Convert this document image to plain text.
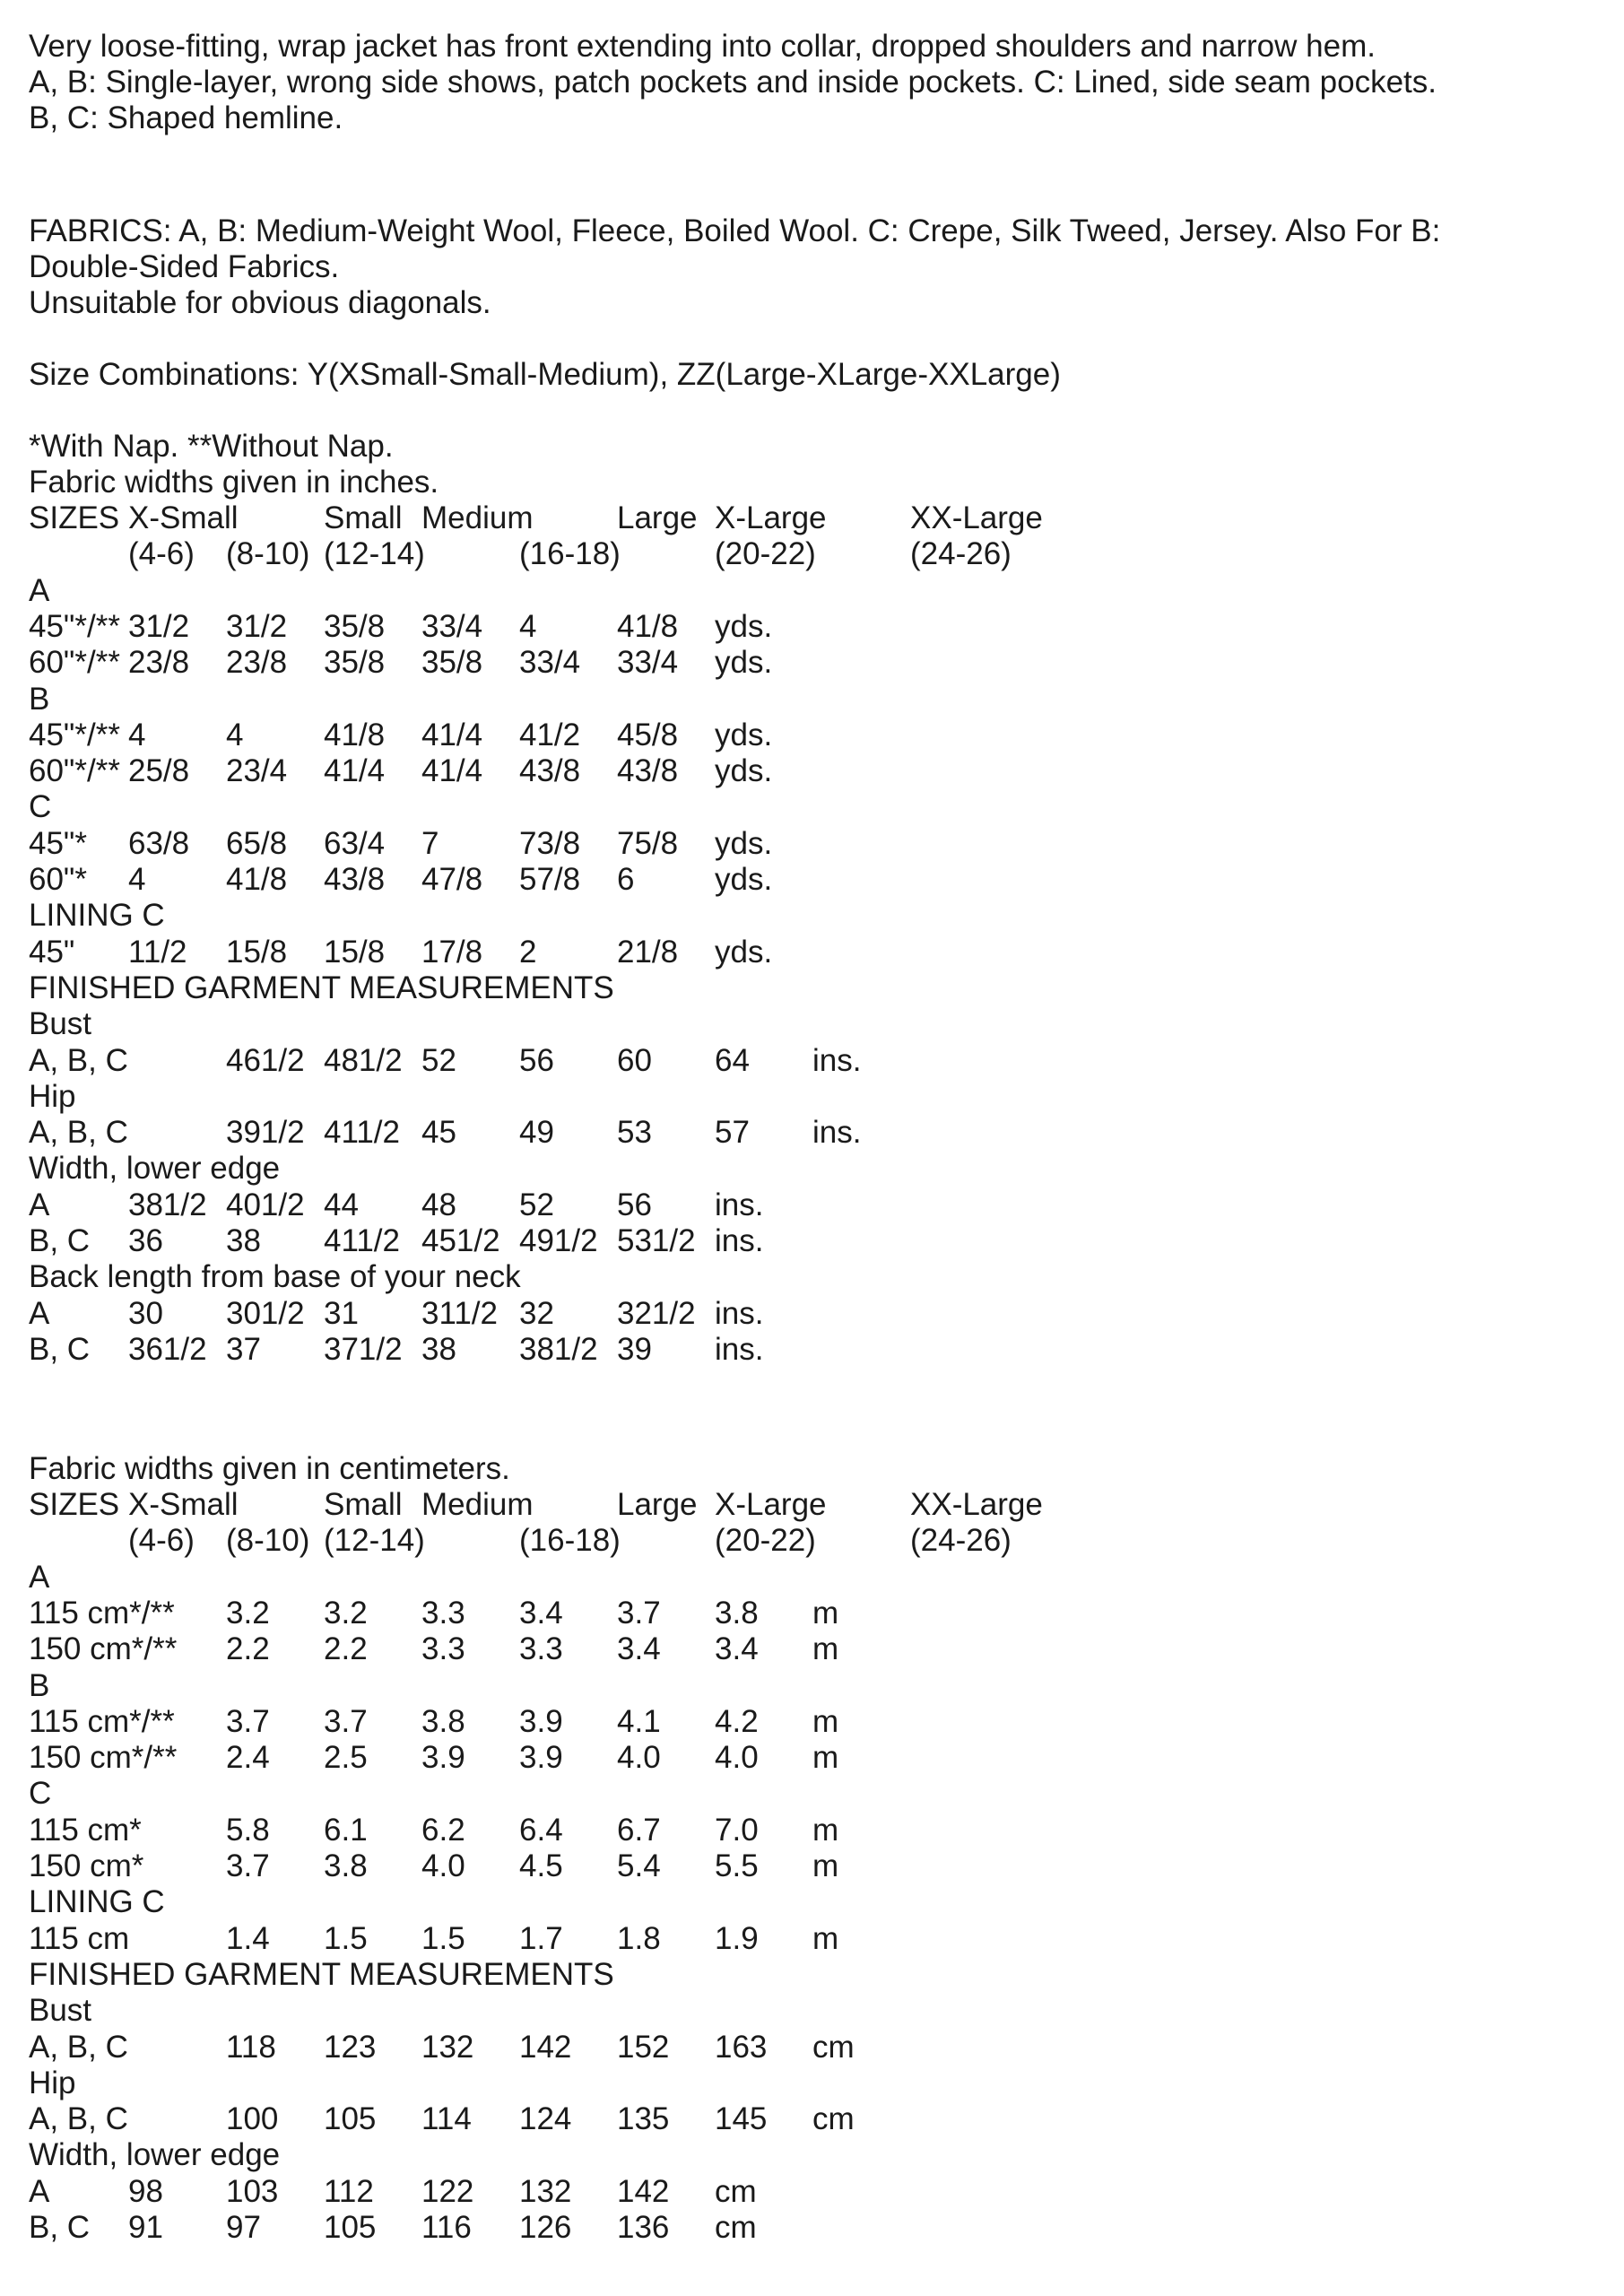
Very loose-fitting, wrap jacket has front extending into collar, dropped shoulders and narrow hem.
A, B: Single-layer, wrong side shows, patch pockets and inside pockets. C: Lined, side seam pockets.
B, C: Shaped hemline.
FABRICS: A, B: Medium-Weight Wool, Fleece, Boiled Wool. C: Crepe, Silk Tweed, Jersey. Also For B:
Double-Sided Fabrics.
Unsuitable for obvious diagonals.
Size Combinations: Y(XSmall-Small-Medium), ZZ(Large-XLarge-XXLarge)
*With Nap. **Without Nap.
Fabric widths given in inches.
SIZES X-Small	Small Medium	Large X-Large	XX-Large
(4-6) (8-10) (12-14)	(16-18)	(20-22)	(24-26)
A
45"*/** 31/2 31/2 35/8 33/4 4	41/8 yds.
60"*/** 23/8 23/8 35/8 35/8 33/4 33/4 yds.
B
45"*/** 4	4	41/8 41/4 41/2 45/8 yds.
60"*/** 25/8 23/4 41/4 41/4 43/8 43/8 yds.
C
45"* 63/8 65/8 63/4 7	73/8 75/8 yds.
60"* 4	41/8 43/8 47/8 57/8 6	yds.
LINING C
45" 11/2 15/8 15/8 17/8 2	21/8 yds.
FINISHED GARMENT MEASUREMENTS
Bust
A, B, C	461/2 481/2 52 56 60 64 ins.
Hip
A, B, C	391/2 411/2 45 49 53 57 ins.
Width, lower edge
A	381/2 401/2 44 48 52 56 ins.
B, C 36 38 411/2 451/2 491/2 531/2 ins.
Back length from base of your neck
A	30 301/2 31 311/2 32 321/2 ins.
B, C 361/2 37 371/2 38 381/2 39 ins.
Fabric widths given in centimeters.
SIZES X-Small	Small Medium	Large X-Large	XX-Large
(4-6) (8-10) (12-14)	(16-18)	(20-22)	(24-26)
A
115 cm*/** 3.2 3.2 3.3 3.4 3.7 3.8 m
150 cm*/** 2.2 2.2 3.3 3.3 3.4 3.4 m
B
115 cm*/** 3.7 3.7 3.8 3.9 4.1 4.2 m
150 cm*/** 2.4 2.5 3.9 3.9 4.0 4.0 m
C
115 cm*	5.8 6.1 6.2 6.4 6.7 7.0 m
150 cm*	3.7 3.8 4.0 4.5 5.4 5.5 m
LINING C
115 cm	1.4 1.5 1.5 1.7 1.8 1.9 m
FINISHED GARMENT MEASUREMENTS
Bust
A, B, C	118 123 132 142 152 163 cm
Hip
A, B, C	100 105 114 124 135 145 cm
Width, lower edge
A	98 103 112 122 132 142 cm
B, C 91 97 105 116 126 136 cm
